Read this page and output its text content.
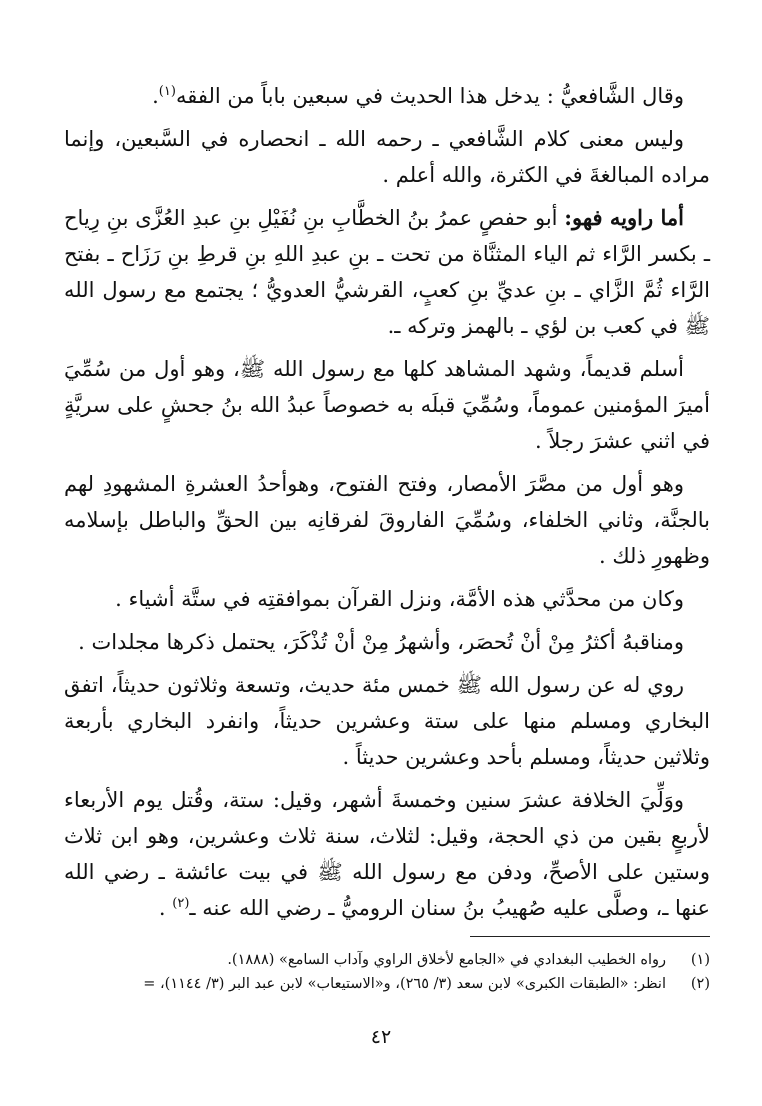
وقال الشَّافعيُّ : يدخل هذا الحديث في سبعين باباً من الفقه$^{(١)}$.

وليس معنى كلام الشَّافعي ـ رحمه الله ـ انحصاره في السَّبعين، وإنما مراده المبالغةَ في الكثرة، والله أعلم .

أما راويه فهو: أبو حفصٍ عمرُ بنُ الخطَّابِ بنِ نُفَيْلِ بنِ عبدِ العُزَّى بنِ رِياح ـ بكسر الرَّاء ثم الياء المثنَّاة من تحت ـ بنِ عبدِ اللهِ بنِ قرطِ بنِ رَزَاح ـ بفتح الرَّاء ثُمَّ الزَّاي ـ بنِ عديِّ بنِ كعبٍ، القرشيُّ العدويُّ ؛ يجتمع مع رسول الله ﷺ في كعب بن لؤي ـ بالهمز وتركه ـ.

أسلم قديماً، وشهد المشاهد كلها مع رسول الله ﷺ، وهو أول من سُمِّيَ أميرَ المؤمنين عموماً، وسُمِّيَ قبلَه به خصوصاً عبدُ الله بنُ جحشٍ على سريَّةٍ في اثني عشرَ رجلاً .

وهو أول من مصَّرَ الأمصار، وفتح الفتوح، وهوأحدُ العشرةِ المشهودِ لهم بالجنَّة، وثاني الخلفاء، وسُمِّيَ الفاروقَ لفرقانِه بين الحقِّ والباطل بإسلامه وظهورِ ذلك .

وكان من محدَّثي هذه الأمَّة، ونزل القرآن بموافقتِه في ستَّة أشياء .

ومناقبهُ أكثرُ مِنْ أنْ تُحصَر، وأشهرُ مِنْ أنْ تُذْكَرَ، يحتمل ذكرها مجلدات .

روي له عن رسول الله ﷺ خمس مئة حديث، وتسعة وثلاثون حديثاً، اتفق البخاري ومسلم منها على ستة وعشرين حديثاً، وانفرد البخاري بأربعة وثلاثين حديثاً، ومسلم بأحد وعشرين حديثاً .

ووَلِّيَ الخلافة عشرَ سنين وخمسةَ أشهر، وقيل: ستة، وقُتل يوم الأربعاء لأربعٍ بقين من ذي الحجة، وقيل: لثلاث، سنة ثلاث وعشرين، وهو ابن ثلاث وستين على الأصحِّ، ودفن مع رسول الله ﷺ في بيت عائشة ـ رضي الله عنها ـ، وصلَّى عليه صُهيبُ بنُ سنان الروميُّ ـ رضي الله عنه ـ$^{(٢)}$ .

(١)
رواه الخطيب البغدادي في «الجامع لأخلاق الراوي وآداب السامع» (١٨٨٨).
(٢)
انظر: «الطبقات الكبرى» لابن سعد (٣/ ٢٦٥)، و«الاستيعاب» لابن عبد البر (٣/ ١١٤٤)، =
٤٢
